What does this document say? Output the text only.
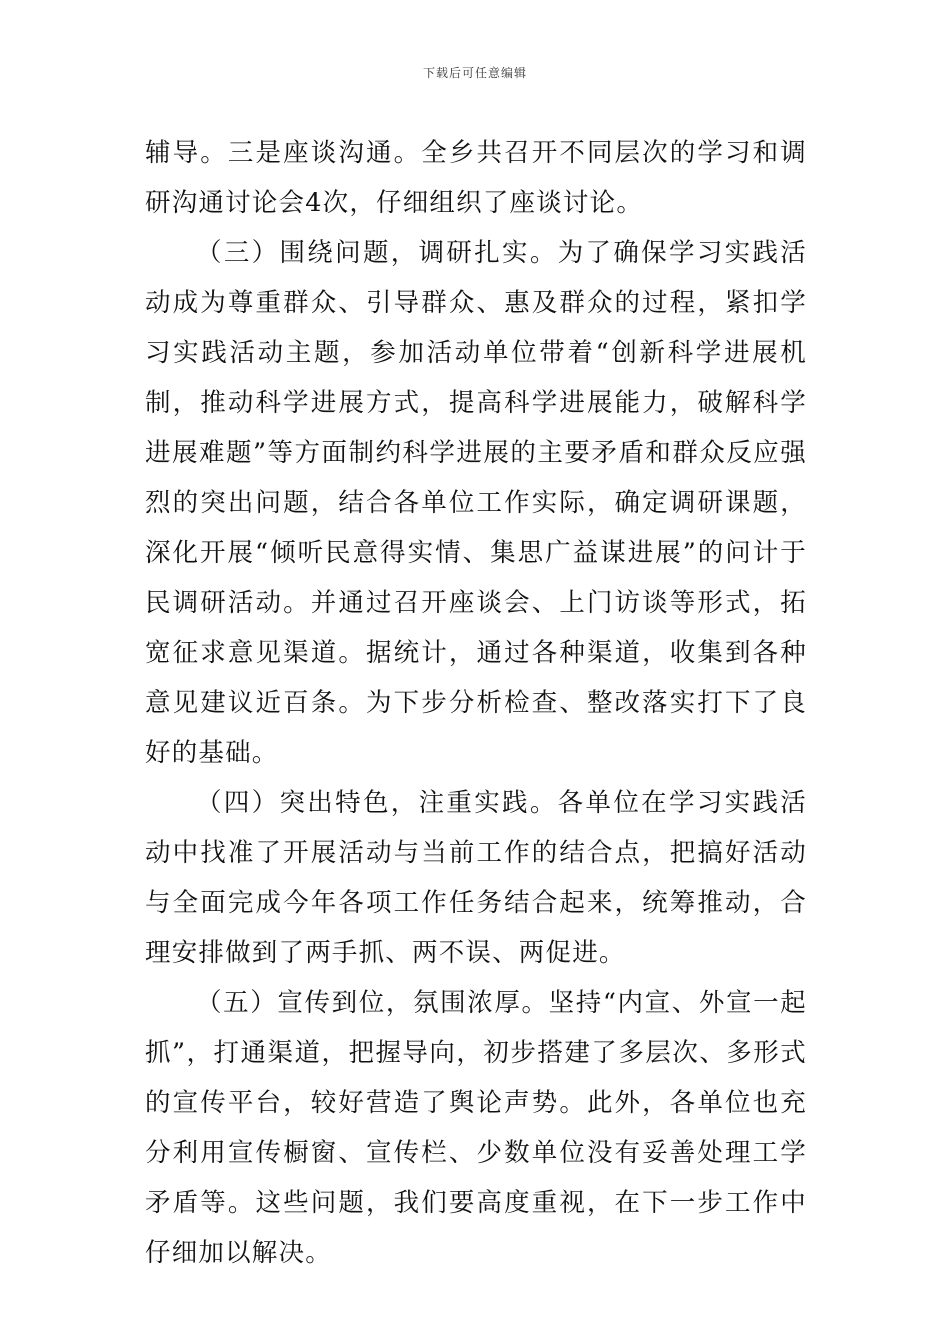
下载后可任意编辑

辅导。三是座谈沟通。全乡共召开不同层次的学习和调研沟通讨论会4次，仔细组织了座谈讨论。

（三）围绕问题，调研扎实。为了确保学习实践活动成为尊重群众、引导群众、惠及群众的过程，紧扣学习实践活动主题，参加活动单位带着“创新科学进展机制，推动科学进展方式，提高科学进展能力，破解科学进展难题”等方面制约科学进展的主要矛盾和群众反应强烈的突出问题，结合各单位工作实际，确定调研课题，深化开展“倾听民意得实情、集思广益谋进展”的问计于民调研活动。并通过召开座谈会、上门访谈等形式，拓宽征求意见渠道。据统计，通过各种渠道，收集到各种意见建议近百条。为下步分析检查、整改落实打下了良好的基础。

（四）突出特色，注重实践。各单位在学习实践活动中找准了开展活动与当前工作的结合点，把搞好活动与全面完成今年各项工作任务结合起来，统筹推动，合理安排做到了两手抓、两不误、两促进。

（五）宣传到位，氛围浓厚。坚持“内宣、外宣一起抓”，打通渠道，把握导向，初步搭建了多层次、多形式的宣传平台，较好营造了舆论声势。此外，各单位也充分利用宣传橱窗、宣传栏、少数单位没有妥善处理工学矛盾等。这些问题，我们要高度重视，在下一步工作中仔细加以解决。
